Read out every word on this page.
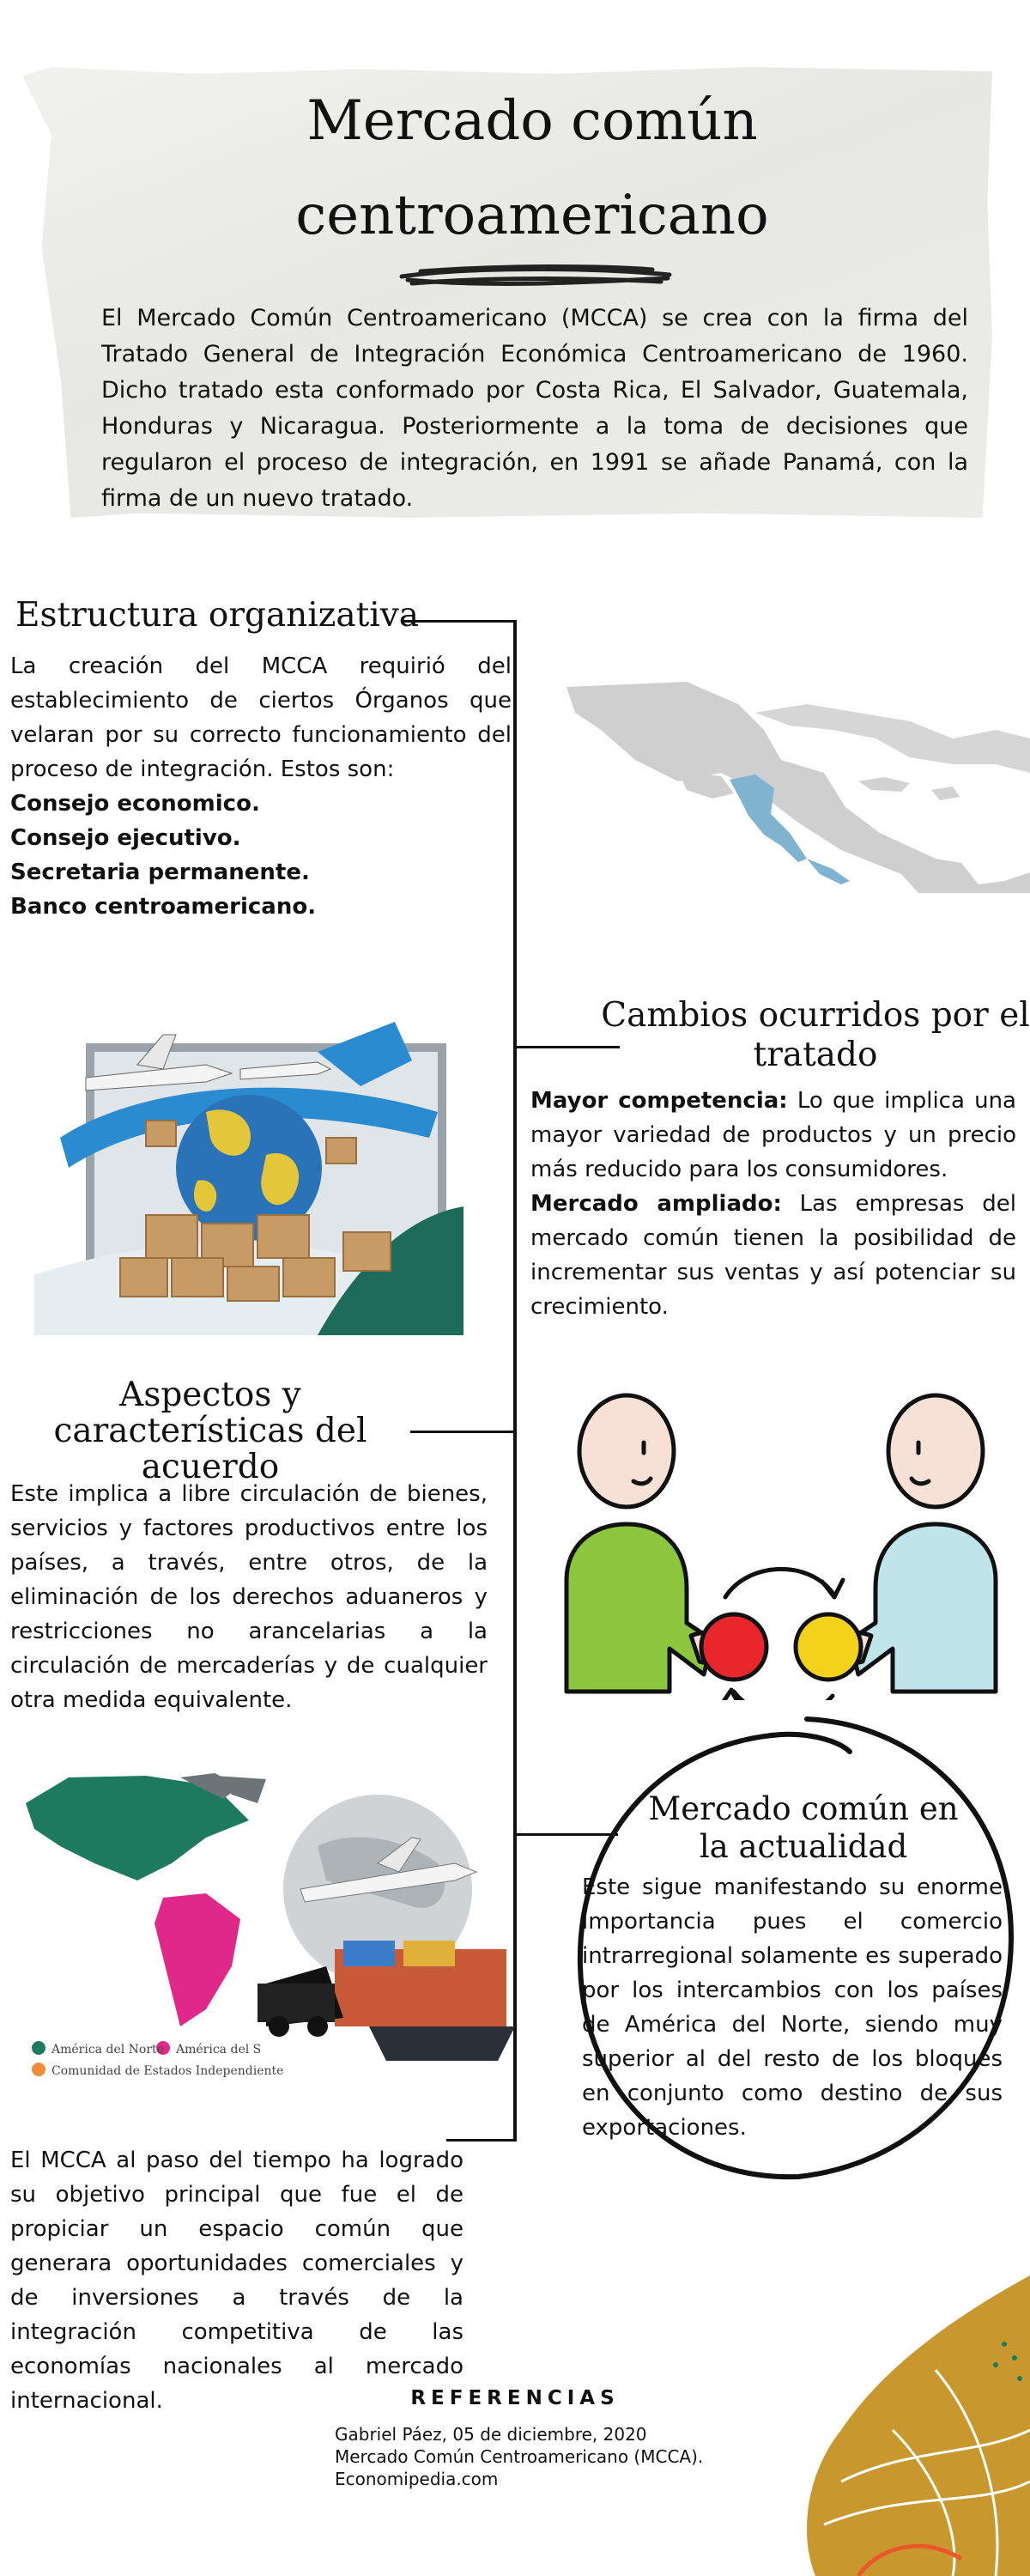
Mercado común
centroamericano
El Mercado Común Centroamericano (MCCA) se crea con la firma del Tratado General de Integración Económica Centroamericano de 1960. Dicho tratado esta conformado por Costa Rica, El Salvador, Guatemala, Honduras y Nicaragua. Posteriormente a la toma de decisiones que regularon el proceso de integración, en 1991 se añade Panamá, con la firma de un nuevo tratado.
Estructura organizativa
La creación del MCCA requirió del establecimiento de ciertos Órganos que velaran por su correcto funcionamiento del proceso de integración. Estos son:
Consejo economico.
Consejo ejecutivo.
Secretaria permanente.
Banco centroamericano.
Cambios ocurridos por el tratado
Mayor competencia: Lo que implica una mayor variedad de productos y un precio más reducido para los consumidores.
Mercado ampliado: Las empresas del mercado común tienen la posibilidad de incrementar sus ventas y así potenciar su crecimiento.
Aspectos y características del acuerdo
Este implica a libre circulación de bienes, servicios y factores productivos entre los países, a través, entre otros, de la eliminación de los derechos aduaneros y restricciones no arancelarias a la circulación de mercaderías y de cualquier otra medida equivalente.
América del Norte América del S
Comunidad de Estados Independiente
Mercado común en la actualidad
Este sigue manifestando su enorme importancia pues el comercio intrarregional solamente es superado por los intercambios con los países de América del Norte, siendo muy superior al del resto de los bloques en conjunto como destino de sus exportaciones.
El MCCA al paso del tiempo ha logrado su objetivo principal que fue el de propiciar un espacio común que generara oportunidades comerciales y de inversiones a través de la integración competitiva de las economías nacionales al mercado internacional.	REFERENCIAS
Gabriel Páez, 05 de diciembre, 2020
Mercado Común Centroamericano (MCCA).
Economipedia.com
